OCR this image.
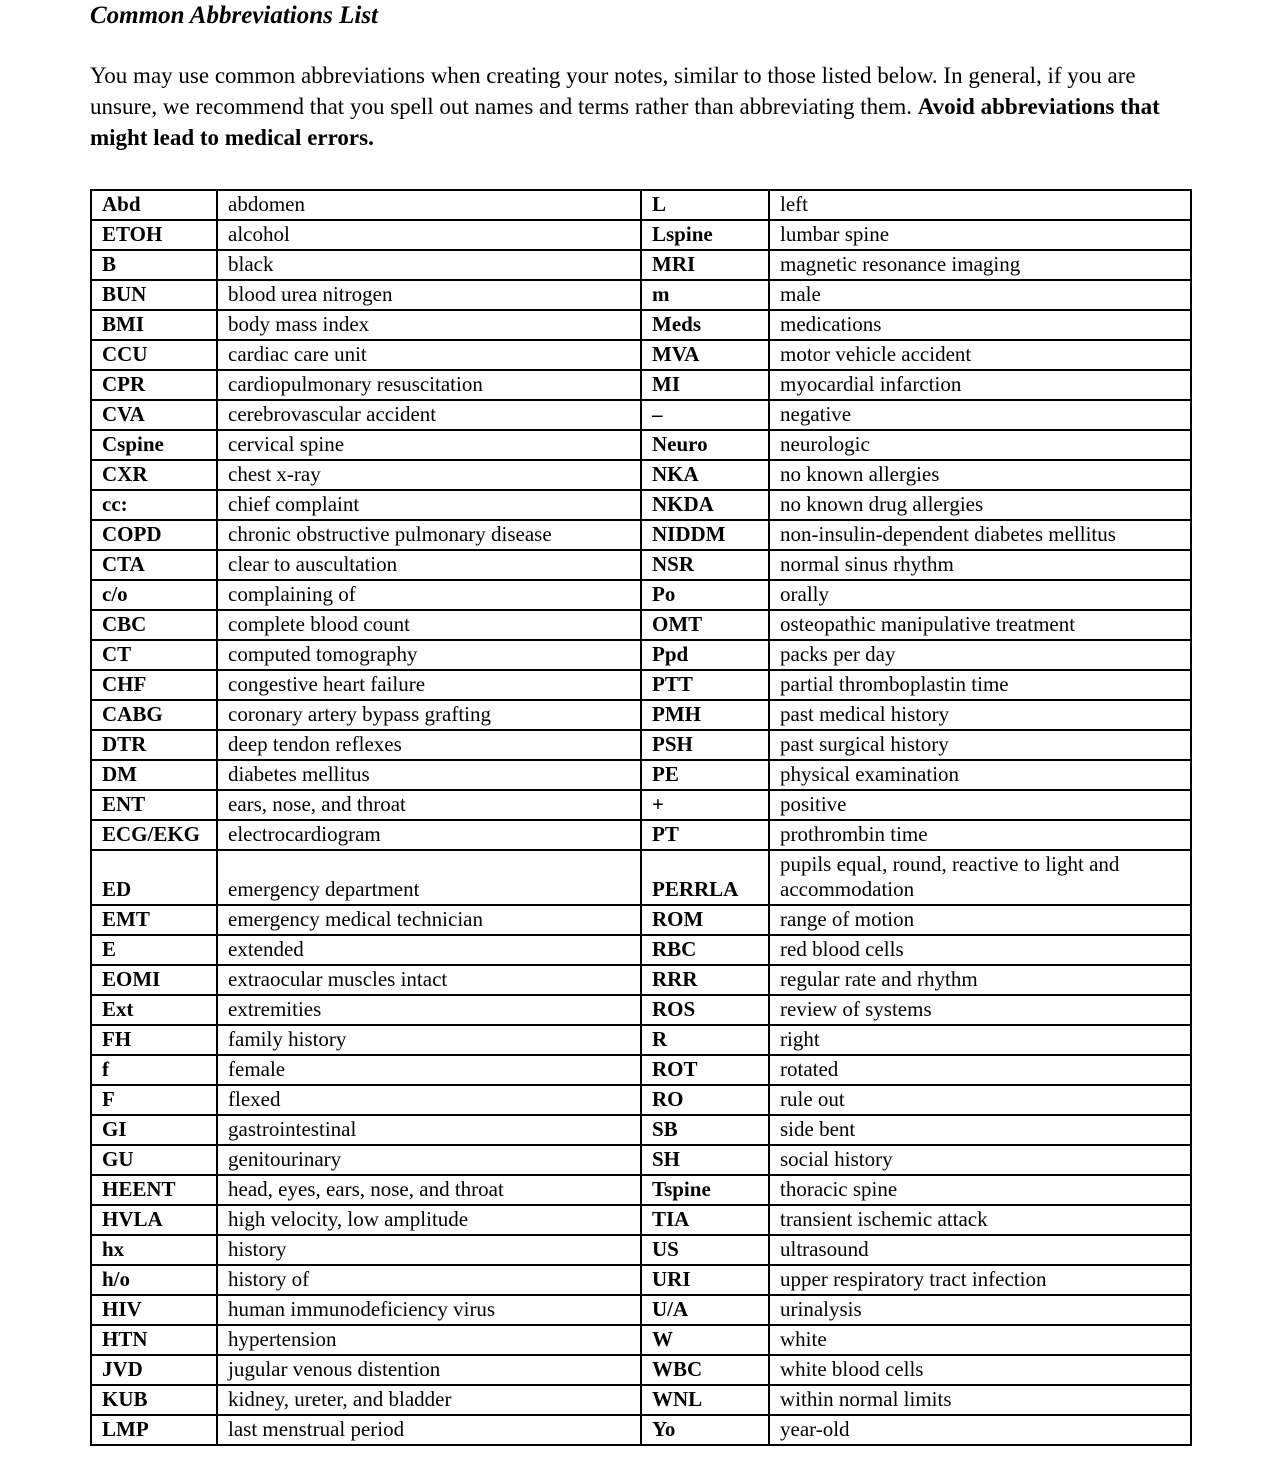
Common Abbreviations List

You may use common abbreviations when creating your notes, similar to those listed below. In general, if you are unsure, we recommend that you spell out names and terms rather than abbreviating them. Avoid abbreviations that might lead to medical errors.

Abd	abdomen	L	left
ETOH	alcohol	Lspine	lumbar spine
B	black	MRI	magnetic resonance imaging
BUN	blood urea nitrogen	m	male
BMI	body mass index	Meds	medications
CCU	cardiac care unit	MVA	motor vehicle accident
CPR	cardiopulmonary resuscitation	MI	myocardial infarction
CVA	cerebrovascular accident	–	negative
Cspine	cervical spine	Neuro	neurologic
CXR	chest x-ray	NKA	no known allergies
cc:	chief complaint	NKDA	no known drug allergies
COPD	chronic obstructive pulmonary disease	NIDDM	non-insulin-dependent diabetes mellitus
CTA	clear to auscultation	NSR	normal sinus rhythm
c/o	complaining of	Po	orally
CBC	complete blood count	OMT	osteopathic manipulative treatment
CT	computed tomography	Ppd	packs per day
CHF	congestive heart failure	PTT	partial thromboplastin time
CABG	coronary artery bypass grafting	PMH	past medical history
DTR	deep tendon reflexes	PSH	past surgical history
DM	diabetes mellitus	PE	physical examination
ENT	ears, nose, and throat	+	positive
ECG/EKG	electrocardiogram	PT	prothrombin time
ED	emergency department	PERRLA	pupils equal, round, reactive to light and accommodation
EMT	emergency medical technician	ROM	range of motion
E	extended	RBC	red blood cells
EOMI	extraocular muscles intact	RRR	regular rate and rhythm
Ext	extremities	ROS	review of systems
FH	family history	R	right
f	female	ROT	rotated
F	flexed	RO	rule out
GI	gastrointestinal	SB	side bent
GU	genitourinary	SH	social history
HEENT	head, eyes, ears, nose, and throat	Tspine	thoracic spine
HVLA	high velocity, low amplitude	TIA	transient ischemic attack
hx	history	US	ultrasound
h/o	history of	URI	upper respiratory tract infection
HIV	human immunodeficiency virus	U/A	urinalysis
HTN	hypertension	W	white
JVD	jugular venous distention	WBC	white blood cells
KUB	kidney, ureter, and bladder	WNL	within normal limits
LMP	last menstrual period	Yo	year-old
